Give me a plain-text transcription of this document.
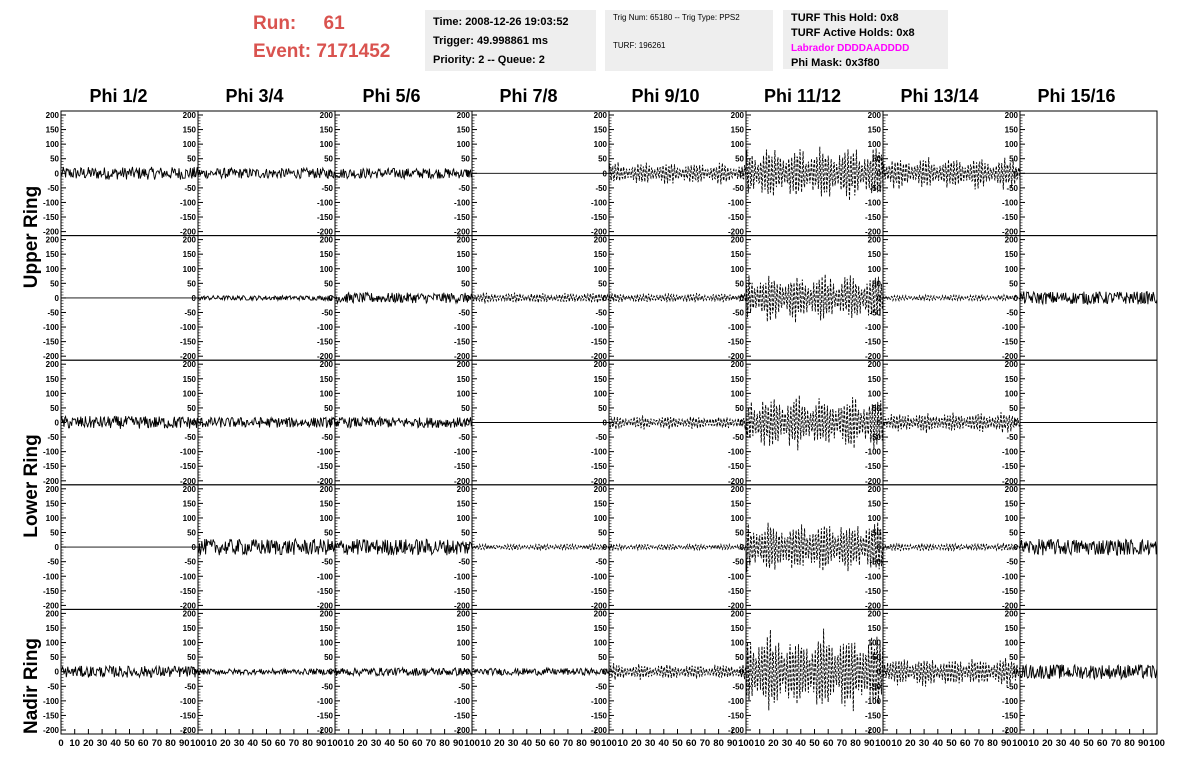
Run: 61
Event: 7171452
Time: 2008-12-26 19:03:52
Trigger: 49.998861 ms
Priority: 2 -- Queue: 2
Trig Num: 65180 -- Trig Type: PPS2
TURF: 196261
TURF This Hold: 0x8
TURF Active Holds: 0x8
Labrador DDDDAADDDD
Phi Mask: 0x3f80
Phi 1/2	Phi 3/4	Phi 5/6	Phi 7/8	Phi 9/10	Phi 11/12	Phi 13/14	Phi 15/16
Upper Ring
Lower Ring
Nadir Ring
200
150
100
50
0
-50
-100
-150
-200
200
150
100
50
0
-50
-100
-150
-200
200
150
100
50
0
-50
-100
-150
-200
200
150
100
50
0
-50
-100
-150
-200
200
150
100
50
0
-50
-100
-150
-200
200
150
100
50
0
-50
-100
-150
-200
200
150
100
50
0
-50
-100
-150
-200
200
150
100
50
0
-50
-100
-150
-200
200
150
100
50
0
-50
-100
-150
-200
200
150
100
50
0
-50
-100
-150
-200
200
150
100
50
0
-50
-100
-150
-200
200
150
100
50
0
-50
-100
-150
-200
200
150
100
50
0
-50
-100
-150
-200
200
150
100
50
0
-50
-100
-150
-200
200
150
100
50
0
-50
-100
-150
-200
200
150
100
50
0
-50
-100
-150
-200
200
150
100
50
0
-50
-100
-150
-200
200
150
100
50
0
-50
-100
-150
-200
200
150
100
50
0
-50
-100
-150
-200
200
150
100
50
0
-50
-100
-150
-200
200
150
100
50
0
-50
-100
-150
-200
200
150
100
50
0
-50
-100
-150
-200
200
150
100
50
0
-50
-100
-150
-200
200
150
100
50
0
-50
-100
-150
-200
200
150
100
50
0
-50
-100
-150
-200
200
150
100
50
0
-50
-100
-150
-200
200
150
100
50
0
-50
-100
-150
-200
200
150
100
50
0
-50
-100
-150
-200
200
150
100
50
0
-50
-100
-150
-200
200
150
100
50
0
-50
-100
-150
-200
200
150
100
50
0
-50
-100
-150
-200
200
150
100
50
0
-50
-100
-150
-200
200
150
100
50
0
-50
-100
-150
-200
0 10 20 30 40 50 60 70 80 90 100
200
150
100
50
0
-50
-100
-150
-200
10 20 30 40 50 60 70 80 90 100
200
150
100
50
0
-50
-100
-150
-200
10 20 30 40 50 60 70 80 90 100
200
150
100
50
0
-50
-100
-150
-200
10 20 30 40 50 60 70 80 90 100
200
150
100
50
0
-50
-100
-150
-200
10 20 30 40 50 60 70 80 90 100
200
150
100
50
0
-50
-100
-150
-200
10 20 30 40 50 60 70 80 90 100
200
150
100
50
0
-50
-100
-150
-200
10 20 30 40 50 60 70 80 90 100
200
150
100
50
0
-50
-100
-150
-200
10 20 30 40 50 60 70 80 90 100
